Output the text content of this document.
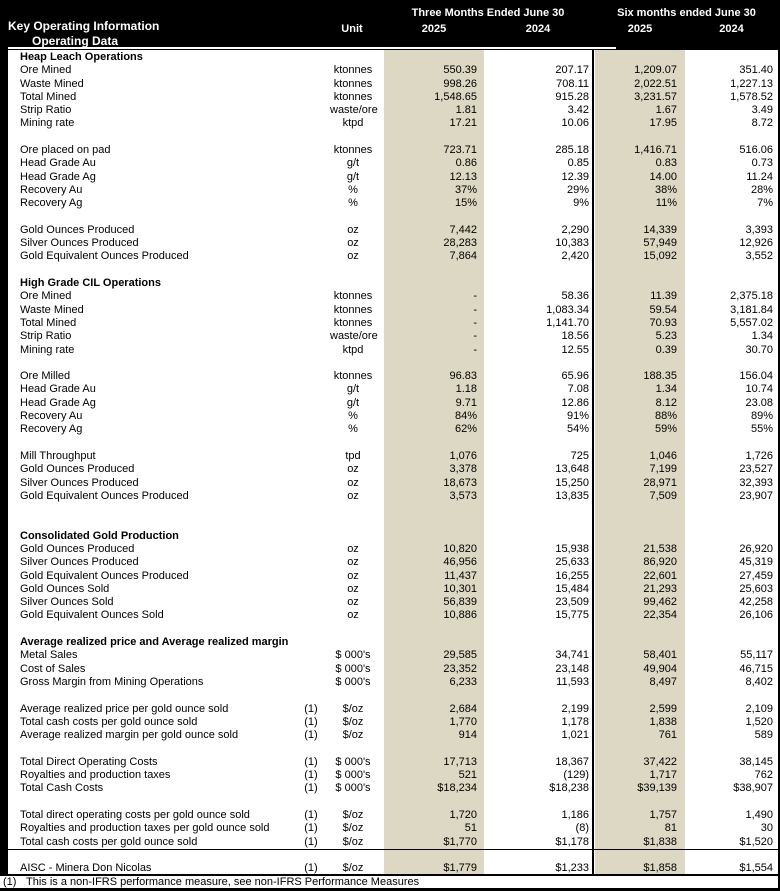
Key Operating Information
Operating Data
Unit
Three Months Ended June 30	Six months ended June 30
2025	2024	2025	2024
Heap Leach Operations
Ore Mined	ktonnes	550.39	207.17	1,209.07	351.40
Waste Mined	ktonnes	998.26	708.11	2,022.51	1,227.13
Total Mined	ktonnes	1,548.65	915.28	3,231.57	1,578.52
Strip Ratio	waste/ore	1.81	3.42	1.67	3.49
Mining rate	ktpd	17.21	10.06	17.95	8.72
Ore placed on pad	ktonnes	723.71	285.18	1,416.71	516.06
Head Grade Au	g/t	0.86	0.85	0.83	0.73
Head Grade Ag	g/t	12.13	12.39	14.00	11.24
Recovery Au	%	37%	29%	38%	28%
Recovery Ag	%	15%	9%	11%	7%
Gold Ounces Produced	oz	7,442	2,290	14,339	3,393
Silver Ounces Produced	oz	28,283	10,383	57,949	12,926
Gold Equivalent Ounces Produced	oz	7,864	2,420	15,092	3,552
High Grade CIL Operations
Ore Mined	ktonnes	-	58.36	11.39	2,375.18
Waste Mined	ktonnes	-	1,083.34	59.54	3,181.84
Total Mined	ktonnes	-	1,141.70	70.93	5,557.02
Strip Ratio	waste/ore	-	18.56	5.23	1.34
Mining rate	ktpd	-	12.55	0.39	30.70
Ore Milled	ktonnes	96.83	65.96	188.35	156.04
Head Grade Au	g/t	1.18	7.08	1.34	10.74
Head Grade Ag	g/t	9.71	12.86	8.12	23.08
Recovery Au	%	84%	91%	88%	89%
Recovery Ag	%	62%	54%	59%	55%
Mill Throughput	tpd	1,076	725	1,046	1,726
Gold Ounces Produced	oz	3,378	13,648	7,199	23,527
Silver Ounces Produced	oz	18,673	15,250	28,971	32,393
Gold Equivalent Ounces Produced	oz	3,573	13,835	7,509	23,907
Consolidated Gold Production
Gold Ounces Produced	oz	10,820	15,938	21,538	26,920
Silver Ounces Produced	oz	46,956	25,633	86,920	45,319
Gold Equivalent Ounces Produced	oz	11,437	16,255	22,601	27,459
Gold Ounces Sold	oz	10,301	15,484	21,293	25,603
Silver Ounces Sold	oz	56,839	23,509	99,462	42,258
Gold Equivalent Ounces Sold	oz	10,886	15,775	22,354	26,106
Average realized price and Average realized margin
Metal Sales	$ 000's	29,585	34,741	58,401	55,117
Cost of Sales	$ 000's	23,352	23,148	49,904	46,715
Gross Margin from Mining Operations	$ 000's	6,233	11,593	8,497	8,402
Average realized price per gold ounce sold	(1)	$/oz	2,684	2,199	2,599	2,109
Total cash costs per gold ounce sold	(1)	$/oz	1,770	1,178	1,838	1,520
Average realized margin per gold ounce sold	(1)	$/oz	914	1,021	761	589
Total Direct Operating Costs	(1)	$ 000's	17,713	18,367	37,422	38,145
Royalties and production taxes	(1)	$ 000's	521	(129)	1,717	762
Total Cash Costs	(1)	$ 000's	$18,234	$18,238	$39,139	$38,907
Total direct operating costs per gold ounce sold	(1)	$/oz	1,720	1,186	1,757	1,490
Royalties and production taxes per gold ounce sold	(1)	$/oz	51	(8)	81	30
Total cash costs per gold ounce sold	(1)	$/oz	$1,770	$1,178	$1,838	$1,520
AISC - Minera Don Nicolas	(1)	$/oz	$1,779	$1,233	$1,858	$1,554
(1) This is a non-IFRS performance measure, see non-IFRS Performance Measures
